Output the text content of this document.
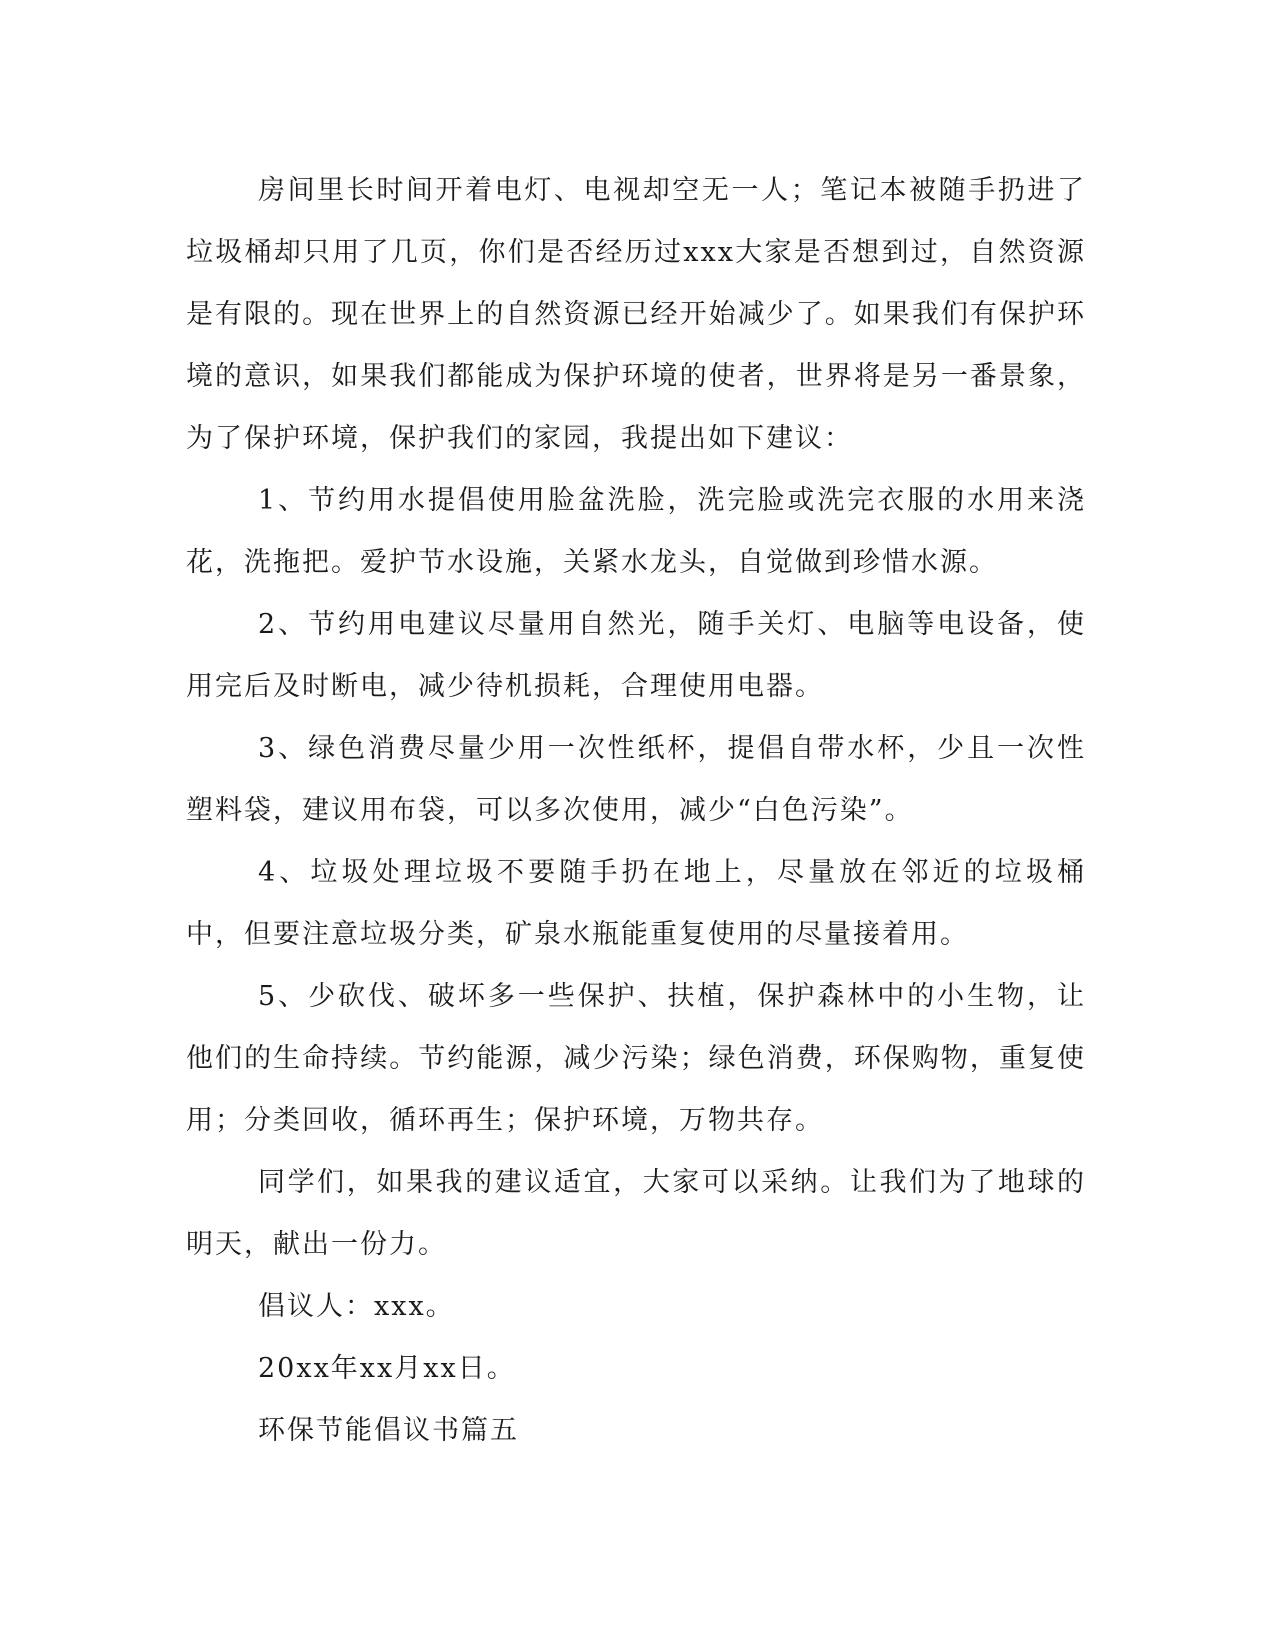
房间里长时间开着电灯、电视却空无一人；笔记本被随手扔进了垃圾桶却只用了几页，你们是否经历过xxx大家是否想到过，自然资源是有限的。现在世界上的自然资源已经开始减少了。如果我们有保护环境的意识，如果我们都能成为保护环境的使者，世界将是另一番景象，为了保护环境，保护我们的家园，我提出如下建议：

1、节约用水提倡使用脸盆洗脸，洗完脸或洗完衣服的水用来浇花，洗拖把。爱护节水设施，关紧水龙头，自觉做到珍惜水源。

2、节约用电建议尽量用自然光，随手关灯、电脑等电设备，使用完后及时断电，减少待机损耗，合理使用电器。

3、绿色消费尽量少用一次性纸杯，提倡自带水杯，少且一次性塑料袋，建议用布袋，可以多次使用，减少“白色污染”。

4、垃圾处理垃圾不要随手扔在地上，尽量放在邻近的垃圾桶中，但要注意垃圾分类，矿泉水瓶能重复使用的尽量接着用。

5、少砍伐、破坏多一些保护、扶植，保护森林中的小生物，让他们的生命持续。节约能源，减少污染；绿色消费，环保购物，重复使用；分类回收，循环再生；保护环境，万物共存。

同学们，如果我的建议适宜，大家可以采纳。让我们为了地球的明天，献出一份力。

倡议人：xxx。

20xx年xx月xx日。

环保节能倡议书篇五
